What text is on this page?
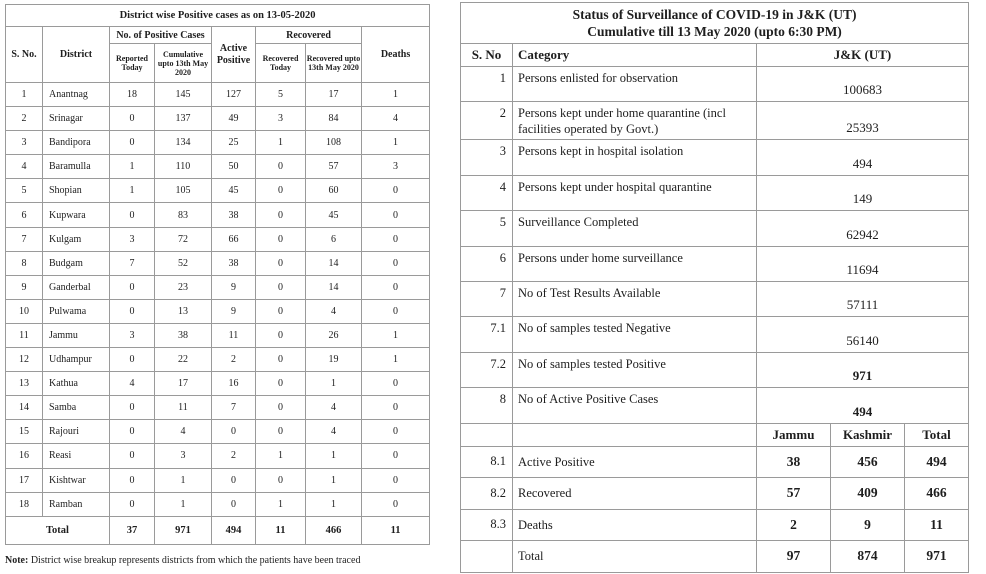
District wise Positive cases as on 13-05-2020							
S. No.	District	No. of Positive Cases		Active Positive	Recovered		Deaths
		Reported Today	Cumulative upto 13th May 2020		Recovered Today	Recovered upto 13th May 2020	
1	Anantnag	18	145	127	5	17	1
2	Srinagar	0	137	49	3	84	4
3	Bandipora	0	134	25	1	108	1
4	Baramulla	1	110	50	0	57	3
5	Shopian	1	105	45	0	60	0
6	Kupwara	0	83	38	0	45	0
7	Kulgam	3	72	66	0	6	0
8	Budgam	7	52	38	0	14	0
9	Ganderbal	0	23	9	0	14	0
10	Pulwama	0	13	9	0	4	0
11	Jammu	3	38	11	0	26	1
12	Udhampur	0	22	2	0	19	1
13	Kathua	4	17	16	0	1	0
14	Samba	0	11	7	0	4	0
15	Rajouri	0	4	0	0	4	0
16	Reasi	0	3	2	1	1	0
17	Kishtwar	0	1	0	0	1	0
18	Ramban	0	1	0	1	1	0
Total		37	971	494	11	466	11
Note: District wise breakup represents districts from which the patients have been traced
Status of Surveillance of COVID-19 in J&K (UT)
Cumulative till 13 May 2020 (upto 6:30 PM)				
S. No	Category	J&K (UT)		
1	Persons enlisted for observation	100683		
2	Persons kept under home quarantine (incl facilities operated by Govt.)	25393		
3	Persons kept in hospital isolation	494		
4	Persons kept under hospital quarantine	149		
5	Surveillance Completed	62942		
6	Persons under home surveillance	11694		
7	No of Test Results Available	57111		
7.1	No of samples tested Negative	56140		
7.2	No of samples tested Positive	971		
8	No of Active Positive Cases	494		
		Jammu	Kashmir	Total
8.1	Active Positive	38	456	494
8.2	Recovered	57	409	466
8.3	Deaths	2	9	11
	Total	97	874	971
